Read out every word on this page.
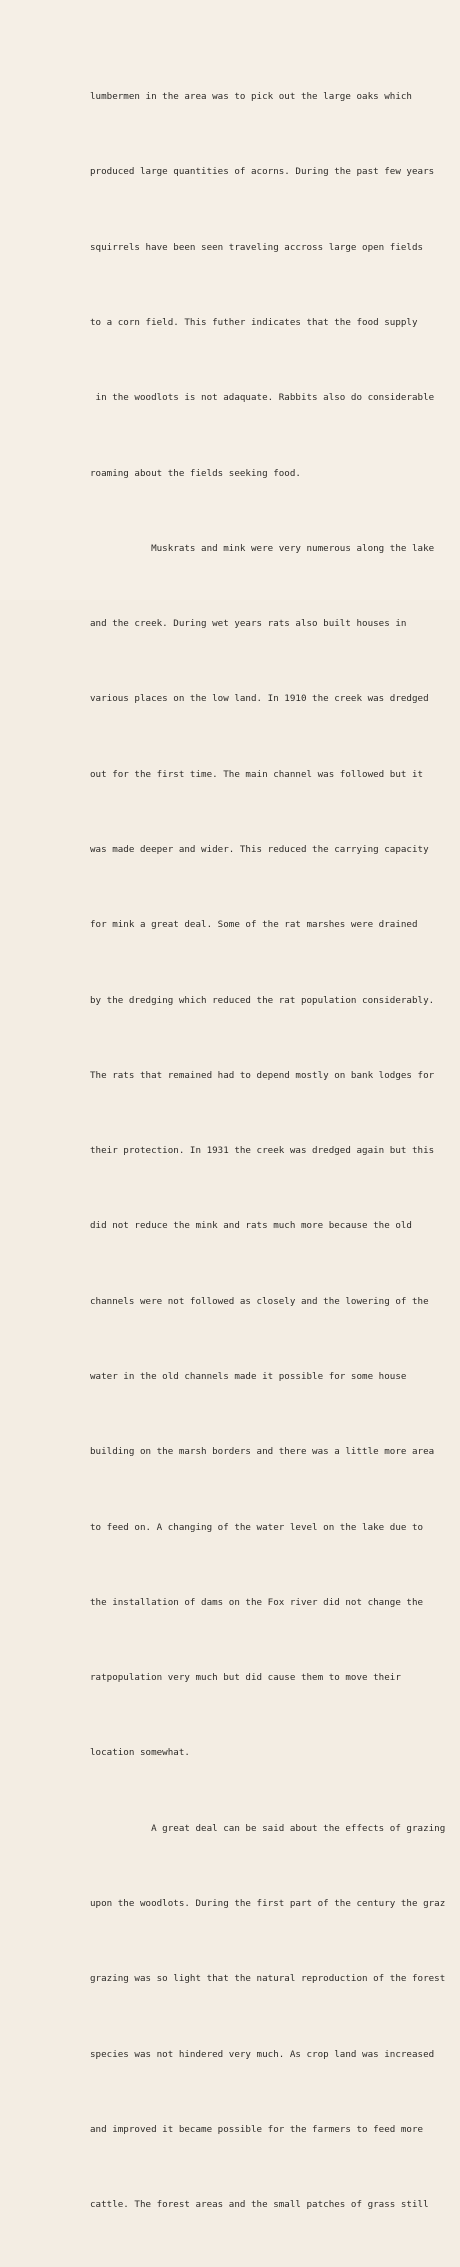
lumbermen in the area was to pick out the large oaks which

produced large quantities of acorns. During the past few years

squirrels have been seen traveling accross large open fields

to a corn field. This futher indicates that the food supply

in the woodlots is not adaquate. Rabbits also do considerable

roaming about the fields seeking food.

Muskrats and mink were very numerous along the lake

and the creek. During wet years rats also built houses in

various places on the low land. In 1910 the creek was dredged

out for the first time. The main channel was followed but it

was made deeper and wider. This reduced the carrying capacity

for mink a great deal. Some of the rat marshes were drained

by the dredging which reduced the rat population considerably.

The rats that remained had to depend mostly on bank lodges for

their protection. In 1931 the creek was dredged again but this

did not reduce the mink and rats much more because the old

channels were not followed as closely and the lowering of the

water in the old channels made it possible for some house

building on the marsh borders and there was a little more area

to feed on. A changing of the water level on the lake due to

the installation of dams on the Fox river did not change the

ratpopulation very much but did cause them to move their

location somewhat.

A great deal can be said about the effects of grazing

upon the woodlots. During the first part of the century the graz

grazing was so light that the natural reproduction of the forest

species was not hindered very much. As crop land was increased

and improved it became possible for the farmers to feed more

cattle. The forest areas and the small patches of grass still
